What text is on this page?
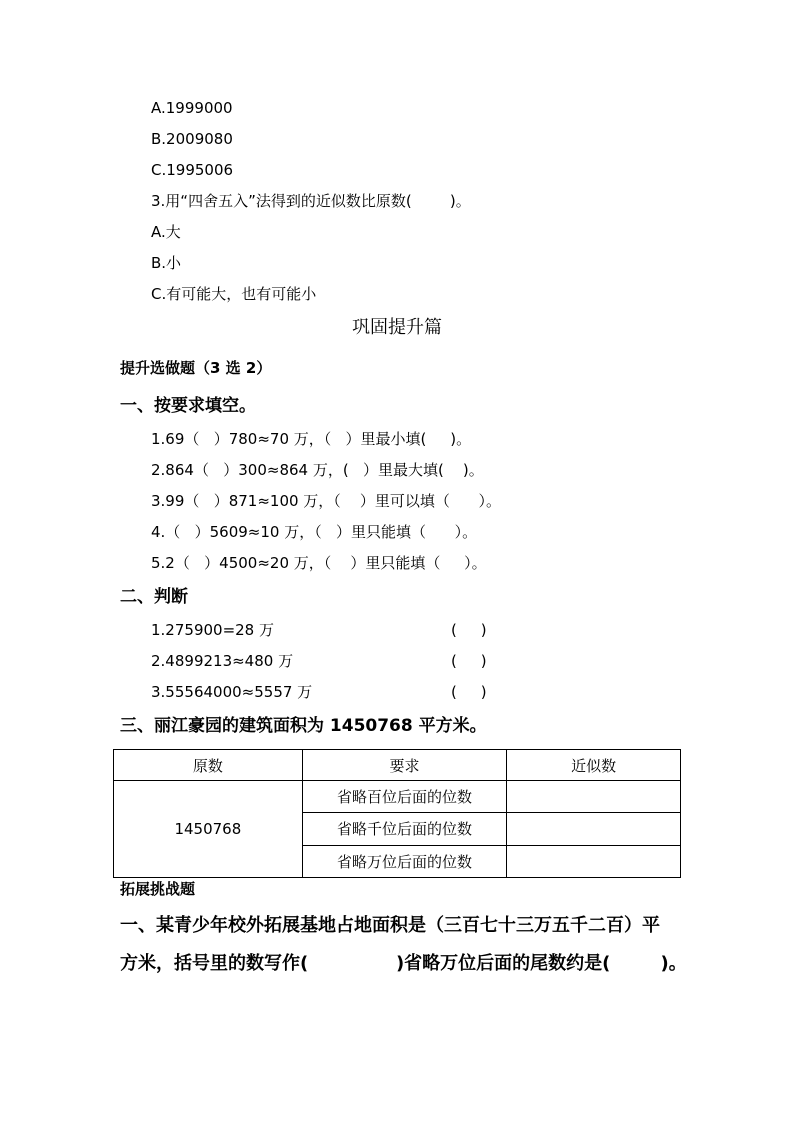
A.1999000
B.2009080
C.1995006
3.用“四舍五入”法得到的近似数比原数(        )。
A.大
B.小
C.有可能大，也有可能小
巩固提升篇
提升选做题（3 选 2）
一、按要求填空。
1.69（   ）780≈70 万，（   ）里最小填(     )。
2.864（   ）300≈864 万，(   ）里最大填(    )。
3.99（   ）871≈100 万，（    ）里可以填（      ）。
4.（   ）5609≈10 万，（   ）里只能填（      ）。
5.2（   ）4500≈20 万，（    ）里只能填（     ）。
二、判断
1.275900=28 万	(     )
2.4899213≈480 万	(     )
3.55564000≈5557 万	(     )
三、丽江豪园的建筑面积为 1450768 平方米。
原数	要求	近似数
1450768	省略百位后面的位数	
	省略千位后面的位数	
	省略万位后面的位数	
拓展挑战题
一、某青少年校外拓展基地占地面积是（三百七十三万五千二百）平
方米，括号里的数写作(              )省略万位后面的尾数约是(        )。
